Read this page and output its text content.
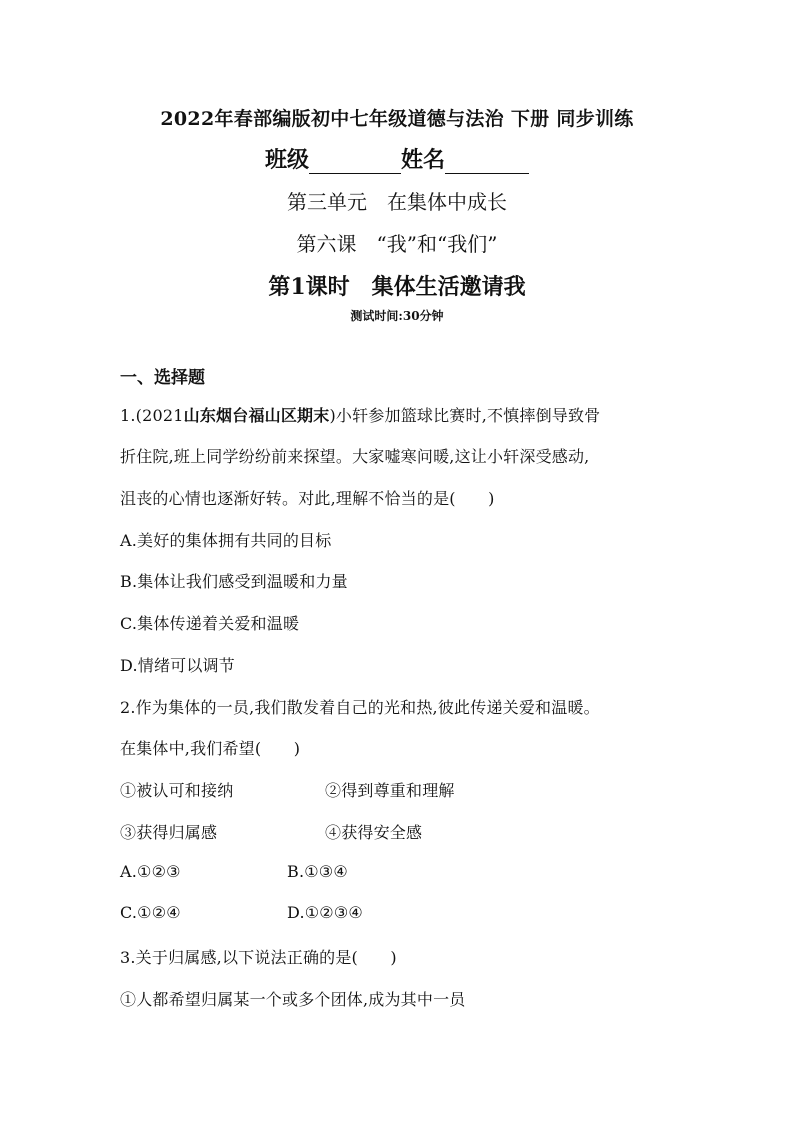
2022年春部编版初中七年级道德与法治 下册 同步训练
班级	姓名
第三单元　在集体中成长
第六课　“我”和“我们”
第1课时　集体生活邀请我
测试时间:30分钟
一、选择题
1.(2021山东烟台福山区期末)小轩参加篮球比赛时,不慎摔倒导致骨
折住院,班上同学纷纷前来探望。大家嘘寒问暖,这让小轩深受感动,
沮丧的心情也逐渐好转。对此,理解不恰当的是(　　)
A.美好的集体拥有共同的目标
B.集体让我们感受到温暖和力量
C.集体传递着关爱和温暖
D.情绪可以调节
2.作为集体的一员,我们散发着自己的光和热,彼此传递关爱和温暖。
在集体中,我们希望(　　)
①被认可和接纳	②得到尊重和理解
③获得归属感	④获得安全感
A.①②③	B.①③④
C.①②④	D.①②③④
3.关于归属感,以下说法正确的是(　　)
①人都希望归属某一个或多个团体,成为其中一员
